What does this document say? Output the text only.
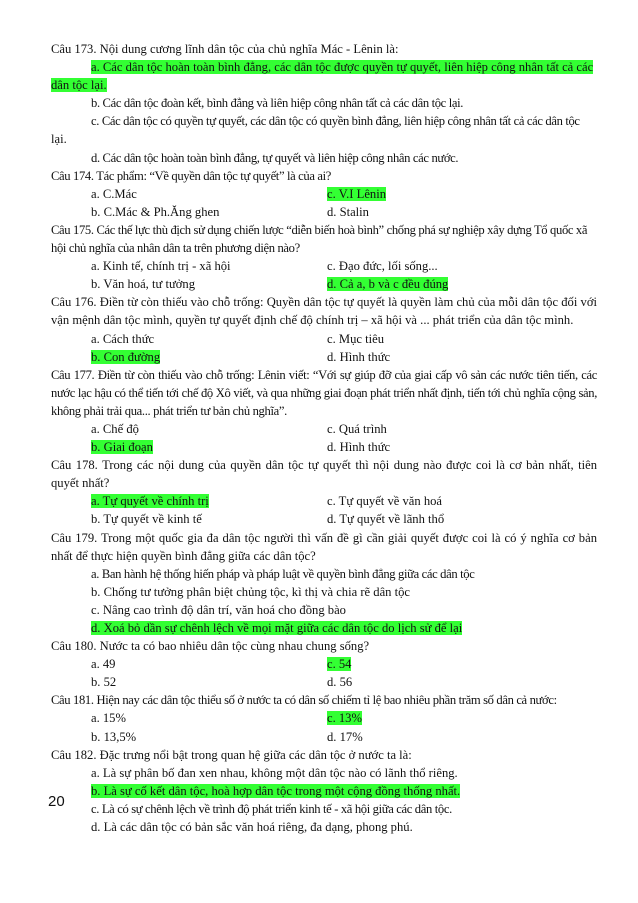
Câu 173. Nội dung cương lĩnh dân tộc của chủ nghĩa Mác - Lênin là:
a. Các dân tộc hoàn toàn bình đẳng, các dân tộc được quyền tự quyết, liên hiệp công nhân tất cả các
dân tộc lại.
b. Các dân tộc đoàn kết, bình đẳng và liên hiệp công nhân tất cả các dân tộc lại.
c. Các dân tộc có quyền tự quyết, các dân tộc có quyền bình đẳng, liên hiệp công nhân tất cả các dân tộc
lại.
d. Các dân tộc hoàn toàn bình đẳng, tự quyết và liên hiệp công nhân các nước.
Câu 174. Tác phẩm: “Về quyền dân tộc tự quyết” là của ai?
a. C.Mác	c. V.I Lênin
b. C.Mác & Ph.Ăng ghen	d. Stalin
Câu 175. Các thế lực thù địch sử dụng chiến lược “diễn biến hoà bình” chống phá sự nghiệp xây dựng Tổ quốc xã
hội chủ nghĩa của nhân dân ta trên phương diện nào?
a. Kinh tế, chính trị - xã hội	c. Đạo đức, lối sống...
b. Văn hoá, tư tưởng	d. Cả a, b và c đều đúng
Câu 176. Điền từ còn thiếu vào chỗ trống: Quyền dân tộc tự quyết là quyền làm chủ của mỗi dân tộc đối với vận mệnh dân tộc mình, quyền tự quyết định chế độ chính trị – xã hội và ... phát triển của dân tộc mình.
a. Cách thức	c. Mục tiêu
b. Con đường	d. Hình thức
Câu 177. Điền từ còn thiếu vào chỗ trống: Lênin viết: “Với sự giúp đỡ của giai cấp vô sản các nước tiên tiến, các nước lạc hậu có thể tiến tới chế độ Xô viết, và qua những giai đoạn phát triển nhất định, tiến tới chủ nghĩa cộng sản, không phải trải qua... phát triển tư bản chủ nghĩa”.
a. Chế độ	c. Quá trình
b. Giai đoạn	d. Hình thức
Câu 178. Trong các nội dung của quyền dân tộc tự quyết thì nội dung nào được coi là cơ bản nhất, tiên quyết nhất?
a. Tự quyết về chính trị	c. Tự quyết về văn hoá
b. Tự quyết về kinh tế	d. Tự quyết về lãnh thổ
Câu 179. Trong một quốc gia đa dân tộc người thì vấn đề gì cần giải quyết được coi là có ý nghĩa cơ bản nhất để thực hiện quyền bình đẳng giữa các dân tộc?
a. Ban hành hệ thống hiến pháp và pháp luật về quyền bình đẳng giữa các dân tộc
b. Chống tư tưởng phân biệt chủng tộc, kì thị và chia rẽ dân tộc
c. Nâng cao trình độ dân trí, văn hoá cho đồng bào
d. Xoá bỏ dần sự chênh lệch về mọi mặt giữa các dân tộc do lịch sử để lại
Câu 180. Nước ta có bao nhiêu dân tộc cùng nhau chung sống?
a. 49	c. 54
b. 52	d. 56
Câu 181. Hiện nay các dân tộc thiểu số ở nước ta có dân số chiếm tỉ lệ bao nhiêu phần trăm số dân cả nước:
a. 15%	c. 13%
b. 13,5%	d. 17%
Câu 182. Đặc trưng nổi bật trong quan hệ giữa các dân tộc ở nước ta là:
a. Là sự phân bố đan xen nhau, không một dân tộc nào có lãnh thổ riêng.
b. Là sự cố kết dân tộc, hoà hợp dân tộc trong một cộng đồng thống nhất.
c. Là có sự chênh lệch về trình độ phát triển kinh tế - xã hội giữa các dân tộc.
d. Là các dân tộc có bản sắc văn hoá riêng, đa dạng, phong phú.
20
